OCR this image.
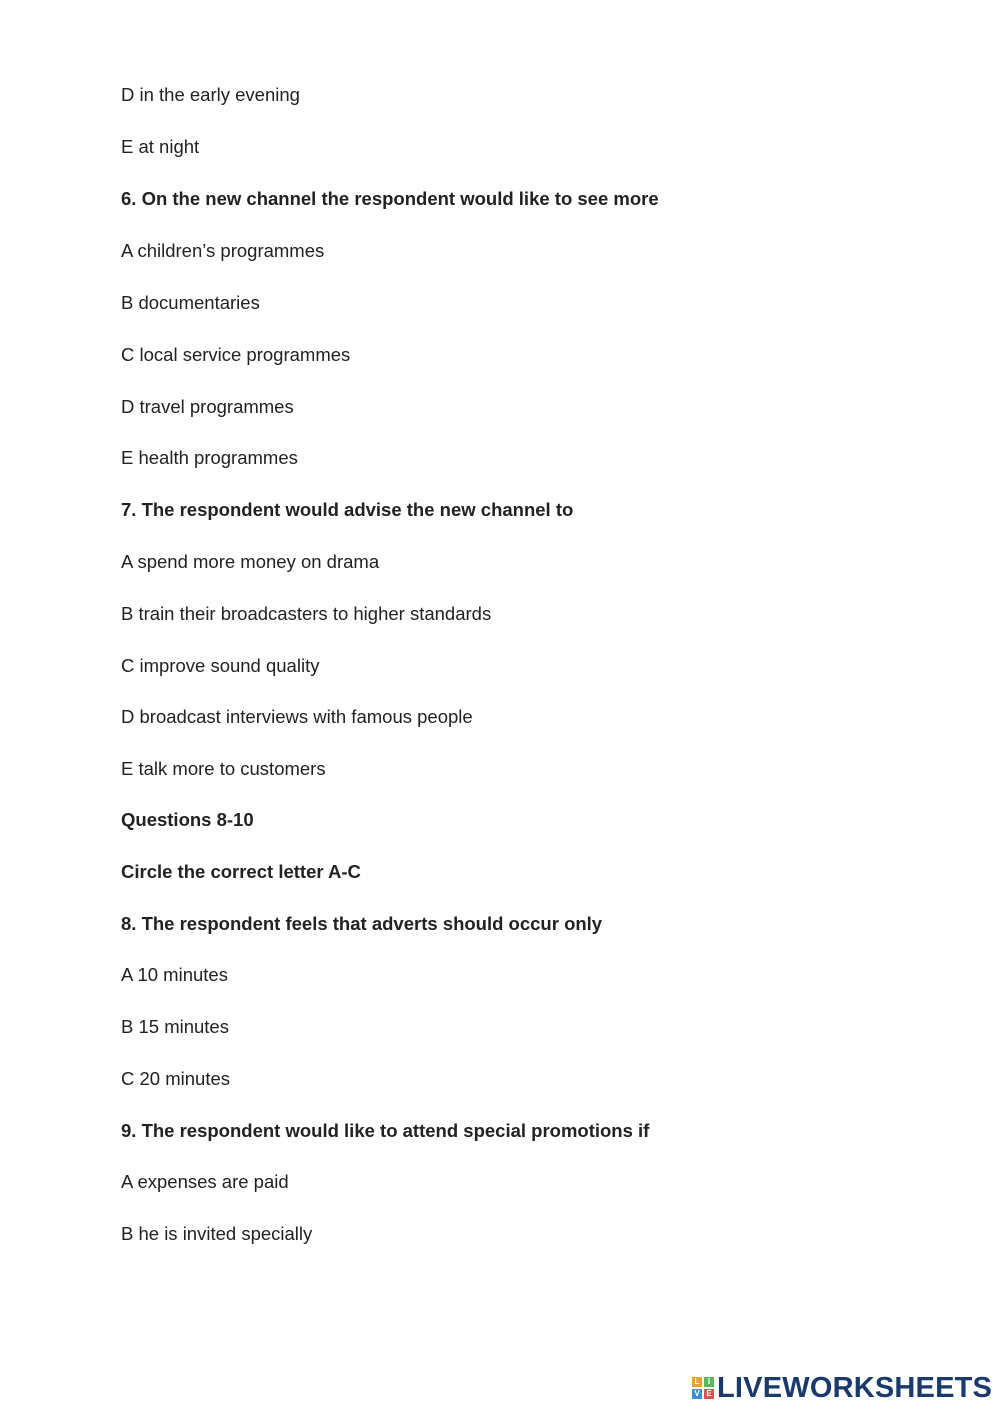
D in the early evening

E at night

6. On the new channel the respondent would like to see more

A children’s programmes

B documentaries

C local service programmes

D travel programmes

E health programmes

7. The respondent would advise the new channel to

A spend more money on drama

B train their broadcasters to higher standards

C improve sound quality

D broadcast interviews with famous people

E talk more to customers

Questions 8-10

Circle the correct letter A-C

8. The respondent feels that adverts should occur only

A 10 minutes

B 15 minutes

C 20 minutes

9. The respondent would like to attend special promotions if

A expenses are paid

B he is invited specially

L	I
V E LIVEWORKSHEETS
